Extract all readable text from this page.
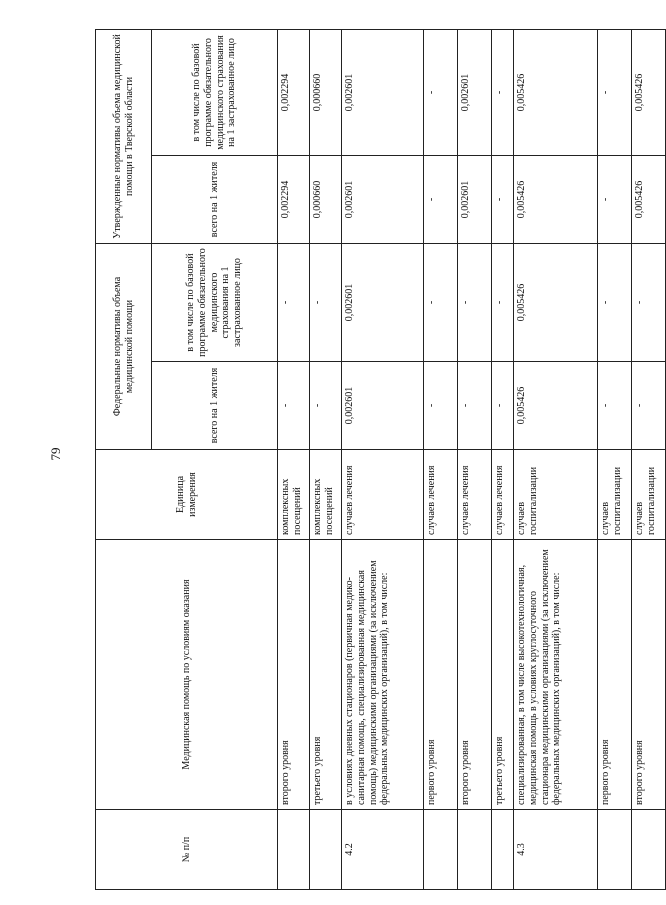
79
№ п/п	Медицинская помощь по условиям оказания	Единица измерения	Федеральные нормативы объема медицинской помощи		Утвержденные нормативы объема медицинской помощи в Тверской области	
			всего на 1 жителя	в том числе по базовой программе обязательного медицинского страхования на 1 застрахованное лицо	всего на 1 жителя	в том числе по базовой программе обязательного медицинского страхования на 1 застрахованное лицо
	второго уровня	комплексных посещений	-	-	0,002294	0,002294
	третьего уровня	комплексных посещений	-	-	0,000660	0,000660
4.2	в условиях дневных стационаров (первичная медико-санитарная помощь, специализированная медицинская помощь) медицинскими организациями (за исключением федеральных медицинских организаций), в том числе:	случаев лечения	0,002601	0,002601	0,002601	0,002601
	первого уровня	случаев лечения	-	-	-	-
	второго уровня	случаев лечения	-	-	0,002601	0,002601
	третьего уровня	случаев лечения	-	-	-	-
4.3	специализированная, в том числе высокотехнологичная, медицинская помощь в условиях круглосуточного стационара медицинскими организациями (за исключением федеральных медицинских организаций), в том числе:	случаев госпитализации	0,005426	0,005426	0,005426	0,005426
	первого уровня	случаев госпитализации	-	-	-	-
	второго уровня	случаев госпитализации	-	-	0,005426	0,005426
